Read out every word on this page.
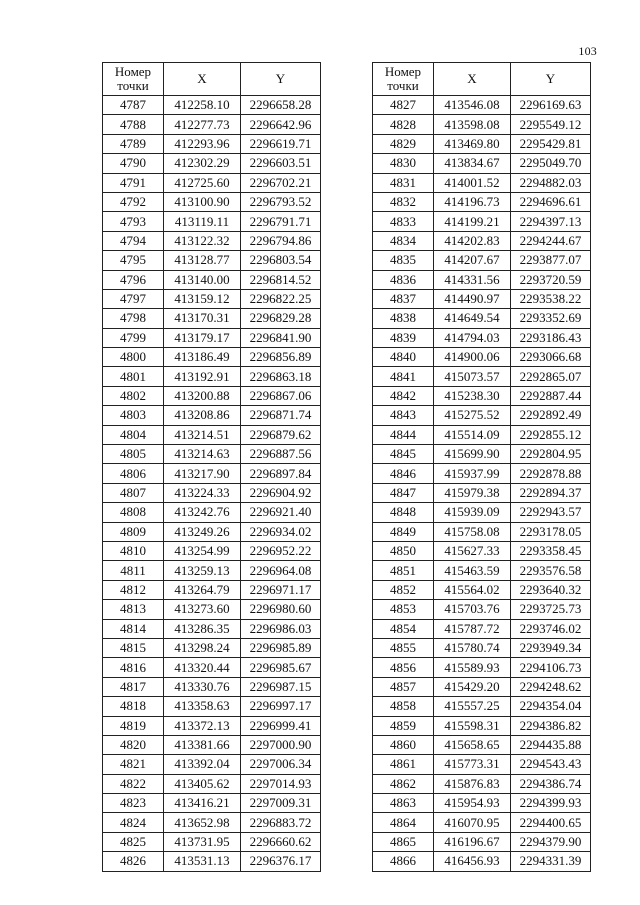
103
Номер
точки	X	Y
4787	412258.10	2296658.28
4788	412277.73	2296642.96
4789	412293.96	2296619.71
4790	412302.29	2296603.51
4791	412725.60	2296702.21
4792	413100.90	2296793.52
4793	413119.11	2296791.71
4794	413122.32	2296794.86
4795	413128.77	2296803.54
4796	413140.00	2296814.52
4797	413159.12	2296822.25
4798	413170.31	2296829.28
4799	413179.17	2296841.90
4800	413186.49	2296856.89
4801	413192.91	2296863.18
4802	413200.88	2296867.06
4803	413208.86	2296871.74
4804	413214.51	2296879.62
4805	413214.63	2296887.56
4806	413217.90	2296897.84
4807	413224.33	2296904.92
4808	413242.76	2296921.40
4809	413249.26	2296934.02
4810	413254.99	2296952.22
4811	413259.13	2296964.08
4812	413264.79	2296971.17
4813	413273.60	2296980.60
4814	413286.35	2296986.03
4815	413298.24	2296985.89
4816	413320.44	2296985.67
4817	413330.76	2296987.15
4818	413358.63	2296997.17
4819	413372.13	2296999.41
4820	413381.66	2297000.90
4821	413392.04	2297006.34
4822	413405.62	2297014.93
4823	413416.21	2297009.31
4824	413652.98	2296883.72
4825	413731.95	2296660.62
4826	413531.13	2296376.17
Номер
точки	X	Y
4827	413546.08	2296169.63
4828	413598.08	2295549.12
4829	413469.80	2295429.81
4830	413834.67	2295049.70
4831	414001.52	2294882.03
4832	414196.73	2294696.61
4833	414199.21	2294397.13
4834	414202.83	2294244.67
4835	414207.67	2293877.07
4836	414331.56	2293720.59
4837	414490.97	2293538.22
4838	414649.54	2293352.69
4839	414794.03	2293186.43
4840	414900.06	2293066.68
4841	415073.57	2292865.07
4842	415238.30	2292887.44
4843	415275.52	2292892.49
4844	415514.09	2292855.12
4845	415699.90	2292804.95
4846	415937.99	2292878.88
4847	415979.38	2292894.37
4848	415939.09	2292943.57
4849	415758.08	2293178.05
4850	415627.33	2293358.45
4851	415463.59	2293576.58
4852	415564.02	2293640.32
4853	415703.76	2293725.73
4854	415787.72	2293746.02
4855	415780.74	2293949.34
4856	415589.93	2294106.73
4857	415429.20	2294248.62
4858	415557.25	2294354.04
4859	415598.31	2294386.82
4860	415658.65	2294435.88
4861	415773.31	2294543.43
4862	415876.83	2294386.74
4863	415954.93	2294399.93
4864	416070.95	2294400.65
4865	416196.67	2294379.90
4866	416456.93	2294331.39
